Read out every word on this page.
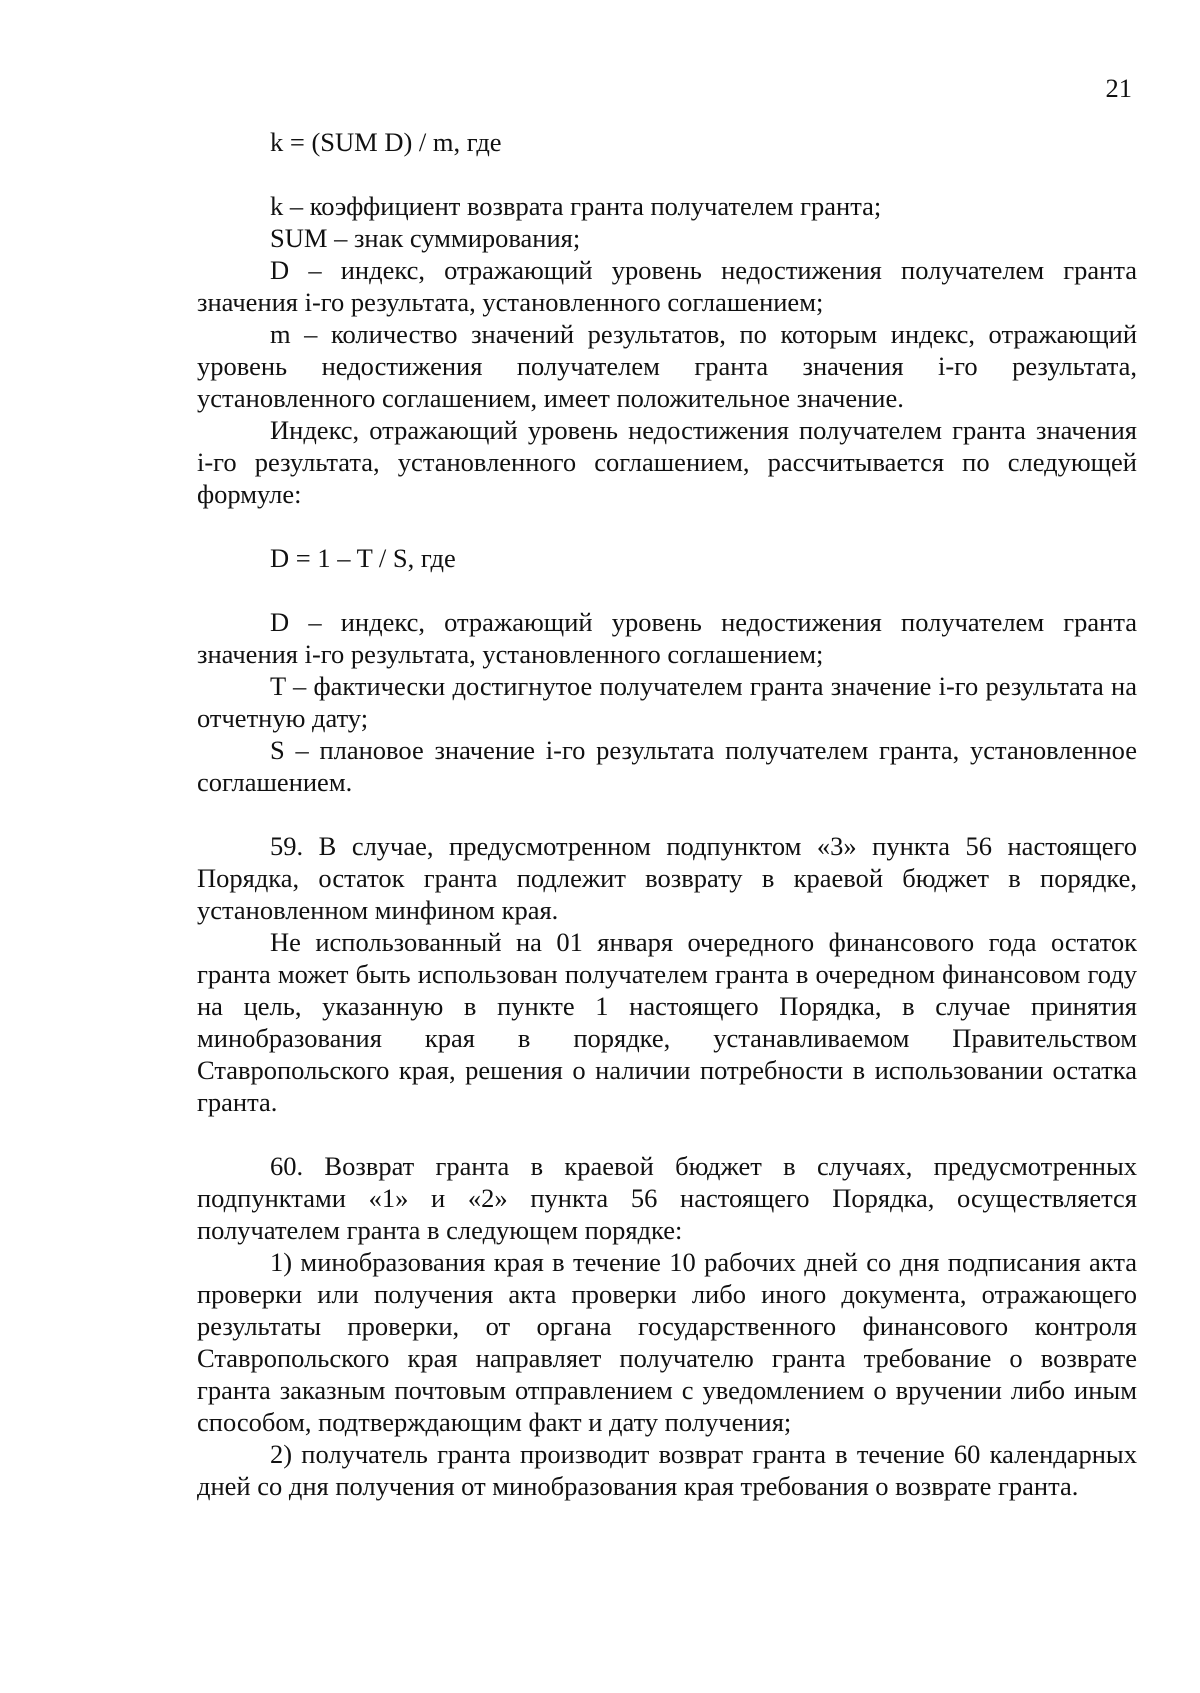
21

k = (SUM D) / m, где

k – коэффициент возврата гранта получателем гранта;

SUM – знак суммирования;

D – индекс, отражающий уровень недостижения получателем гранта значения i-го результата, установленного соглашением;

m – количество значений результатов, по которым индекс, отражающий уровень недостижения получателем гранта значения i-го результата, установленного соглашением, имеет положительное значение.

Индекс, отражающий уровень недостижения получателем гранта значения i-го результата, установленного соглашением, рассчитывается по следующей формуле:

D = 1 – T / S, где

D – индекс, отражающий уровень недостижения получателем гранта значения i-го результата, установленного соглашением;

T – фактически достигнутое получателем гранта значение i-го результата на отчетную дату;

S – плановое значение i-го результата получателем гранта, установленное соглашением.

59. В случае, предусмотренном подпунктом «3» пункта 56 настоящего Порядка, остаток гранта подлежит возврату в краевой бюджет в порядке, установленном минфином края.

Не использованный на 01 января очередного финансового года остаток гранта может быть использован получателем гранта в очередном финансовом году на цель, указанную в пункте 1 настоящего Порядка, в случае принятия минобразования края в порядке, устанавливаемом Правительством Ставропольского края, решения о наличии потребности в использовании остатка гранта.

60. Возврат гранта в краевой бюджет в случаях, предусмотренных подпунктами «1» и «2» пункта 56 настоящего Порядка, осуществляется получателем гранта в следующем порядке:

1) минобразования края в течение 10 рабочих дней со дня подписания акта проверки или получения акта проверки либо иного документа, отражающего результаты проверки, от органа государственного финансового контроля Ставропольского края направляет получателю гранта требование о возврате гранта заказным почтовым отправлением с уведомлением о вручении либо иным способом, подтверждающим факт и дату получения;

2) получатель гранта производит возврат гранта в течение 60 календарных дней со дня получения от минобразования края требования о возврате гранта.
